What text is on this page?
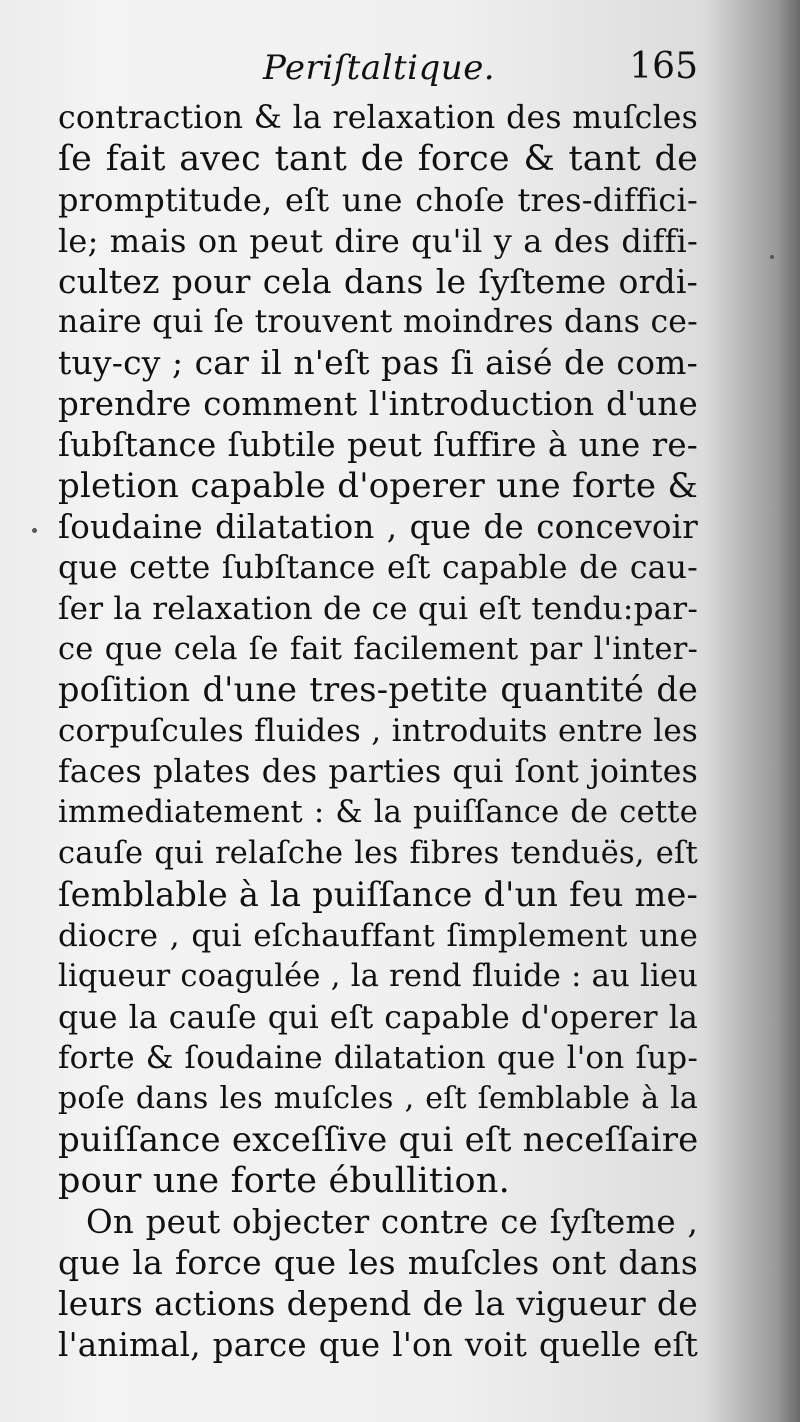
Periſtaltique.	165
contraction & la relaxation des muſcles
ſe fait avec tant de force & tant de
promptitude, eſt une choſe tres-diffici-
le; mais on peut dire qu'il y a des diffi-
cultez pour cela dans le ſyſteme ordi-
naire qui ſe trouvent moindres dans ce-
tuy-cy ; car il n'eſt pas ſi aisé de com-
prendre comment l'introduction d'une
ſubſtance ſubtile peut ſuffire à une re-
pletion capable d'operer une forte &
ſoudaine dilatation , que de concevoir
que cette ſubſtance eſt capable de cau-
ſer la relaxation de ce qui eſt tendu:par-
ce que cela ſe fait facilement par l'inter-
poſition d'une tres-petite quantité de
corpuſcules fluides , introduits entre les
faces plates des parties qui ſont jointes
immediatement : & la puiſſance de cette
cauſe qui relaſche les fibres tenduës, eſt
ſemblable à la puiſſance d'un feu me-
diocre , qui eſchauffant ſimplement une
liqueur coagulée , la rend fluide : au lieu
que la cauſe qui eſt capable d'operer la
forte & ſoudaine dilatation que l'on ſup-
poſe dans les muſcles , eſt ſemblable à la
puiſſance exceſſive qui eſt neceſſaire
pour une forte ébullition.
On peut objecter contre ce ſyſteme ,
que la force que les muſcles ont dans
leurs actions depend de la vigueur de
l'animal, parce que l'on voit quelle eſt
